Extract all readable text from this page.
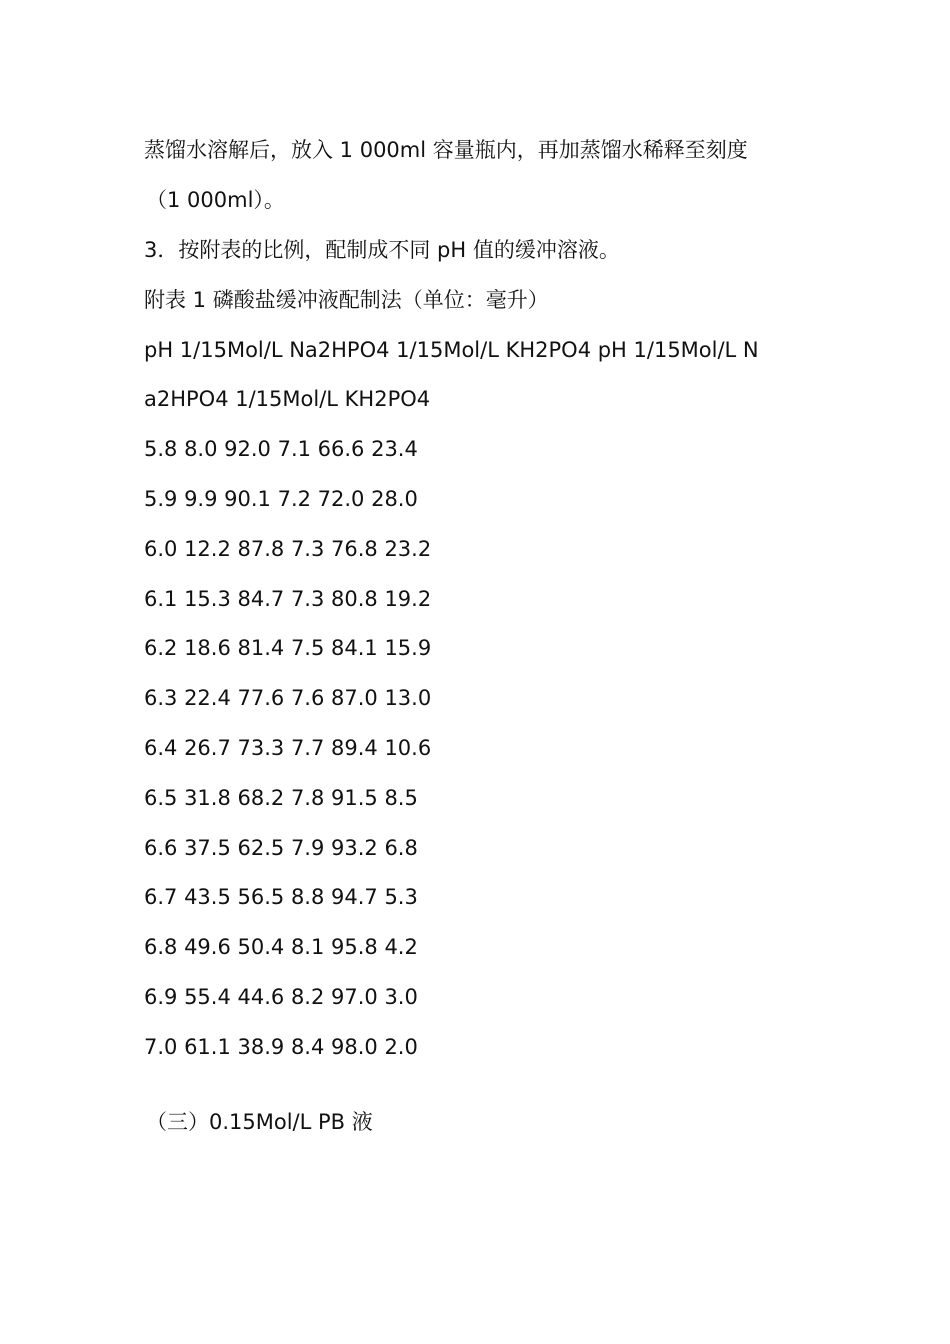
蒸馏水溶解后，放入 1 000ml 容量瓶内，再加蒸馏水稀释至刻度
（1 000ml）。
3．按附表的比例，配制成不同 pH 值的缓冲溶液。
附表 1 磷酸盐缓冲液配制法（单位：毫升）
pH 1/15Mol/L Na2HPO4 1/15Mol/L KH2PO4 pH 1/15Mol/L N
a2HPO4 1/15Mol/L KH2PO4
5.8 8.0 92.0 7.1 66.6 23.4
5.9 9.9 90.1 7.2 72.0 28.0
6.0 12.2 87.8 7.3 76.8 23.2
6.1 15.3 84.7 7.3 80.8 19.2
6.2 18.6 81.4 7.5 84.1 15.9
6.3 22.4 77.6 7.6 87.0 13.0
6.4 26.7 73.3 7.7 89.4 10.6
6.5 31.8 68.2 7.8 91.5 8.5
6.6 37.5 62.5 7.9 93.2 6.8
6.7 43.5 56.5 8.8 94.7 5.3
6.8 49.6 50.4 8.1 95.8 4.2
6.9 55.4 44.6 8.2 97.0 3.0
7.0 61.1 38.9 8.4 98.0 2.0
（三）0.15Mol/L PB 液
